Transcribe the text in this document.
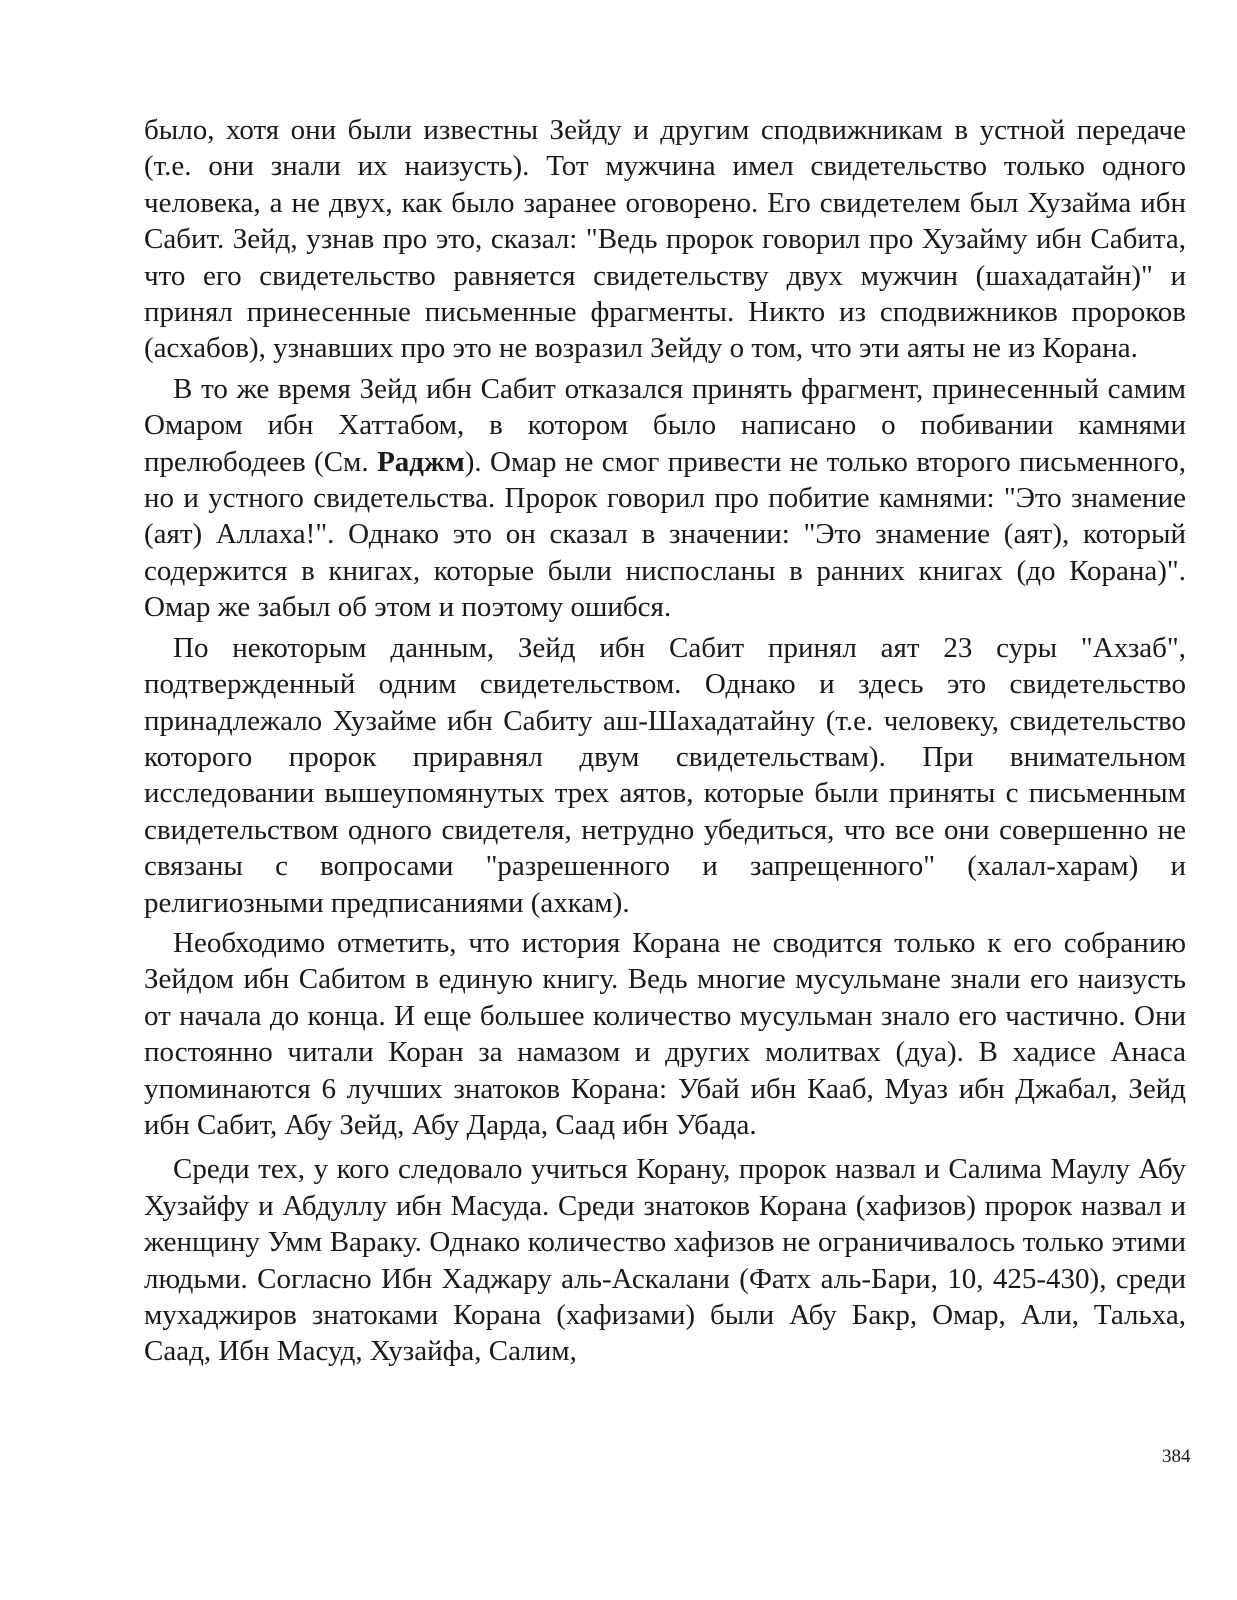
было, хотя они были известны Зейду и другим сподвижникам в устной передаче (т.е. они знали их наизусть). Тот мужчина имел свидетельство только одного человека, а не двух, как было заранее оговорено. Его свидетелем был Хузайма ибн Сабит. Зейд, узнав про это, сказал: "Ведь пророк говорил про Хузайму ибн Сабита, что его свидетельство равняется свидетельству двух мужчин (шахадатайн)" и принял принесенные письменные фрагменты. Никто из сподвижников пророков (асхабов), узнавших про это не возразил Зейду о том, что эти аяты не из Корана.

В то же время Зейд ибн Сабит отказался принять фрагмент, принесенный самим Омаром ибн Хаттабом, в котором было написано о побивании камнями прелюбодеев (См. Раджм). Омар не смог привести не только второго письменного, но и устного свидетельства. Пророк говорил про побитие камнями: "Это знамение (аят) Аллаха!". Однако это он сказал в значении: "Это знамение (аят), который содержится в книгах, которые были ниспосланы в ранних книгах (до Корана)". Омар же забыл об этом и поэтому ошибся.

По некоторым данным, Зейд ибн Сабит принял аят 23 суры "Ахзаб", подтвержденный одним свидетельством. Однако и здесь это свидетельство принадлежало Хузайме ибн Сабиту аш-Шахадатайну (т.е. человеку, свидетельство которого пророк приравнял двум свидетельствам). При внимательном исследовании вышеупомянутых трех аятов, которые были приняты с письменным свидетельством одного свидетеля, нетрудно убедиться, что все они совершенно не связаны с вопросами "разрешенного и запрещенного" (халал-харам) и религиозными предписаниями (ахкам).

Необходимо отметить, что история Корана не сводится только к его собранию Зейдом ибн Сабитом в единую книгу. Ведь многие мусульмане знали его наизусть от начала до конца. И еще большее количество мусульман знало его частично. Они постоянно читали Коран за намазом и других молитвах (дуа). В хадисе Анаса упоминаются 6 лучших знатоков Корана: Убай ибн Кааб, Муаз ибн Джабал, Зейд ибн Сабит, Абу Зейд, Абу Дарда, Саад ибн Убада.

Среди тех, у кого следовало учиться Корану, пророк назвал и Салима Маулу Абу Хузайфу и Абдуллу ибн Масуда. Среди знатоков Корана (хафизов) пророк назвал и женщину Умм Вараку. Однако количество хафизов не ограничивалось только этими людьми. Согласно Ибн Хаджару аль-Аскалани (Фатх аль-Бари, 10, 425-430), среди мухаджиров знатоками Корана (хафизами) были Абу Бакр, Омар, Али, Тальха, Саад, Ибн Масуд, Хузайфа, Салим,

384
